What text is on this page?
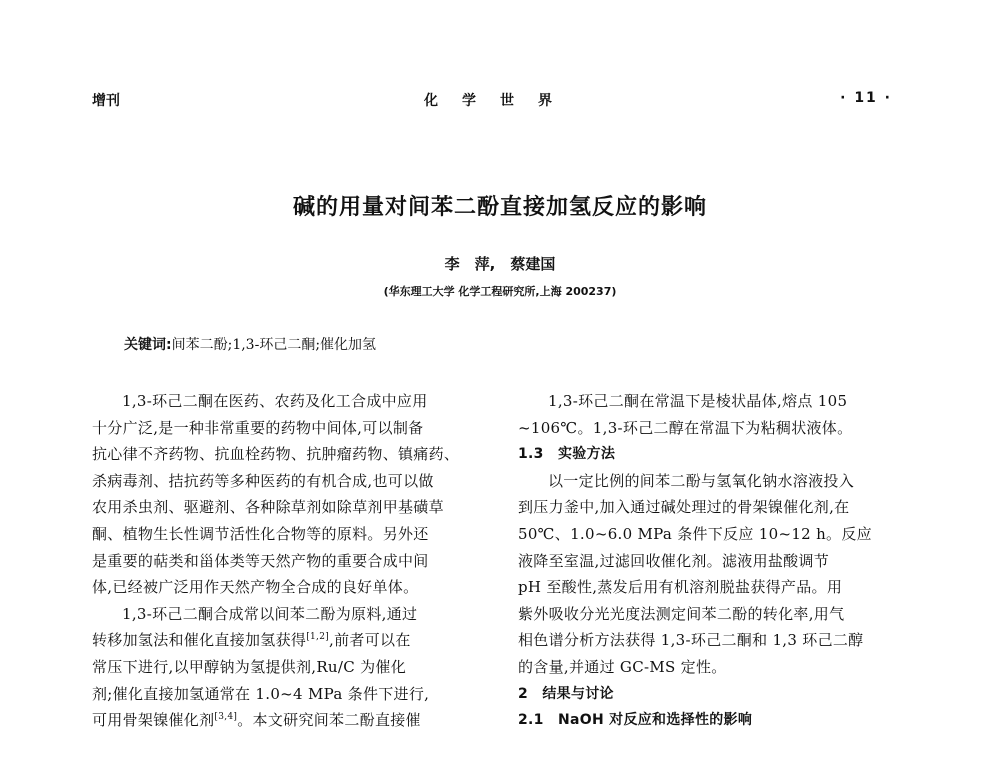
增刊	化学世界	· 11 ·
碱的用量对间苯二酚直接加氢反应的影响
李　萍,　蔡建国
(华东理工大学 化学工程研究所,上海 200237)
关键词:间苯二酚;1,3-环己二酮;催化加氢
1,3-环己二酮在医药、农药及化工合成中应用
十分广泛,是一种非常重要的药物中间体,可以制备
抗心律不齐药物、抗血栓药物、抗肿瘤药物、镇痛药、
杀病毒剂、拮抗药等多种医药的有机合成,也可以做
农用杀虫剂、驱避剂、各种除草剂如除草剂甲基磺草
酮、植物生长性调节活性化合物等的原料。另外还
是重要的萜类和甾体类等天然产物的重要合成中间
体,已经被广泛用作天然产物全合成的良好单体。
1,3-环己二酮合成常以间苯二酚为原料,通过
转移加氢法和催化直接加氢获得[1,2],前者可以在
常压下进行,以甲醇钠为氢提供剂,Ru/C 为催化
剂;催化直接加氢通常在 1.0~4 MPa 条件下进行,
可用骨架镍催化剂[3,4]。本文研究间苯二酚直接催
1,3-环己二酮在常温下是棱状晶体,熔点 105
~106℃。1,3-环己二醇在常温下为粘稠状液体。
1.3　实验方法
以一定比例的间苯二酚与氢氧化钠水溶液投入
到压力釜中,加入通过碱处理过的骨架镍催化剂,在
50℃、1.0~6.0 MPa 条件下反应 10~12 h。反应
液降至室温,过滤回收催化剂。滤液用盐酸调节
pH 至酸性,蒸发后用有机溶剂脱盐获得产品。用
紫外吸收分光光度法测定间苯二酚的转化率,用气
相色谱分析方法获得 1,3-环己二酮和 1,3 环己二醇
的含量,并通过 GC-MS 定性。
2　结果与讨论
2.1　NaOH 对反应和选择性的影响
